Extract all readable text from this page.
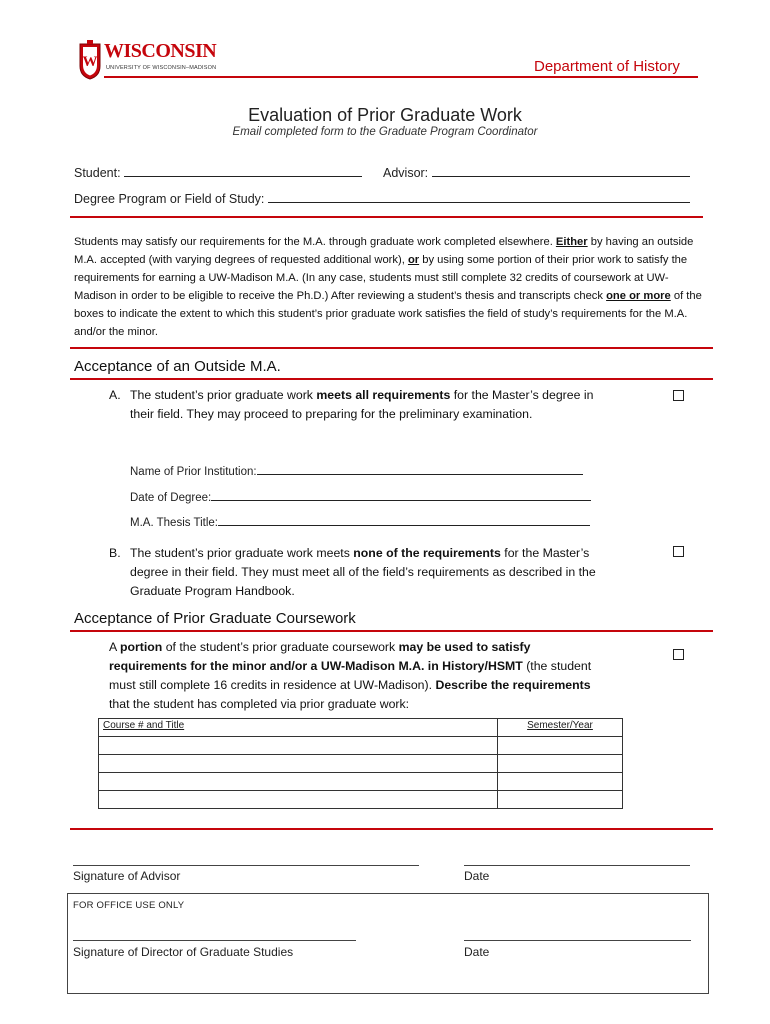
W WISCONSIN
UNIVERSITY OF WISCONSIN–MADISON	Department of History
Evaluation of Prior Graduate Work
Email completed form to the Graduate Program Coordinator
Student:	Advisor:
Degree Program or Field of Study:
Students may satisfy our requirements for the M.A. through graduate work completed elsewhere. Either by having an outside M.A. accepted (with varying degrees of requested additional work), or by using some portion of their prior work to satisfy the requirements for earning a UW-Madison M.A. (In any case, students must still complete 32 credits of coursework at UW-Madison in order to be eligible to receive the Ph.D.) After reviewing a student’s thesis and transcripts check one or more of the boxes to indicate the extent to which this student’s prior graduate work satisfies the field of study’s requirements for the M.A. and/or the minor.
Acceptance of an Outside M.A.
A. The student’s prior graduate work meets all requirements for the Master’s degree in their field. They may proceed to preparing for the preliminary examination.
Name of Prior Institution:
Date of Degree:
M.A. Thesis Title:
B. The student’s prior graduate work meets none of the requirements for the Master’s degree in their field. They must meet all of the field’s requirements as described in the Graduate Program Handbook.
Acceptance of Prior Graduate Coursework
A portion of the student’s prior graduate coursework may be used to satisfy requirements for the minor and/or a UW-Madison M.A. in History/HSMT (the student must still complete 16 credits in residence at UW-Madison). Describe the requirements that the student has completed via prior graduate work:
Course # and Title	Semester/Year

Signature of Advisor	Date
FOR OFFICE USE ONLY
Signature of Director of Graduate Studies	Date
